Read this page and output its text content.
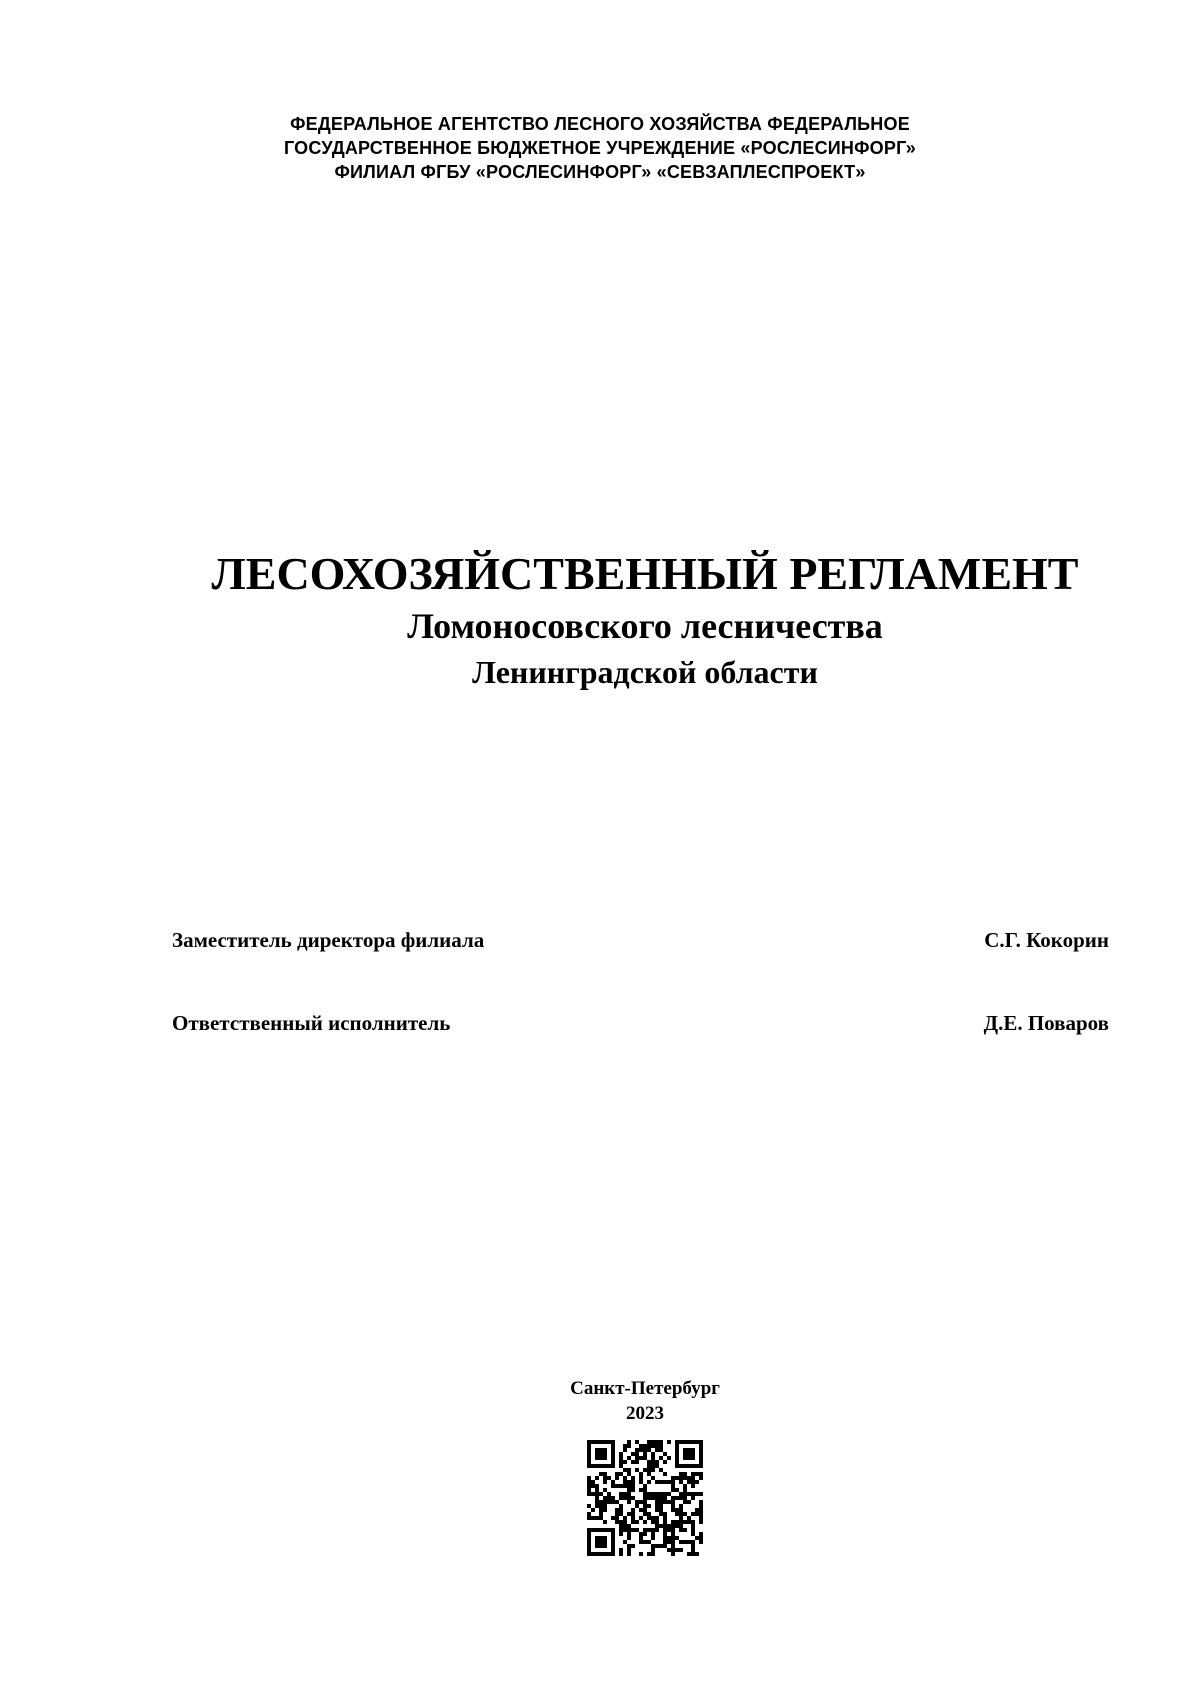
ФЕДЕРАЛЬНОЕ АГЕНТСТВО ЛЕСНОГО ХОЗЯЙСТВА ФЕДЕРАЛЬНОЕ
ГОСУДАРСТВЕННОЕ БЮДЖЕТНОЕ УЧРЕЖДЕНИЕ «РОСЛЕСИНФОРГ»
ФИЛИАЛ ФГБУ «РОСЛЕСИНФОРГ» «СЕВЗАПЛЕСПРОЕКТ»
ЛЕСОХОЗЯЙСТВЕННЫЙ РЕГЛАМЕНТ
Ломоносовского лесничества
Ленинградской области
Заместитель директора филиала	С.Г. Кокорин
Ответственный исполнитель	Д.Е. Поваров
Санкт-Петербург
2023
